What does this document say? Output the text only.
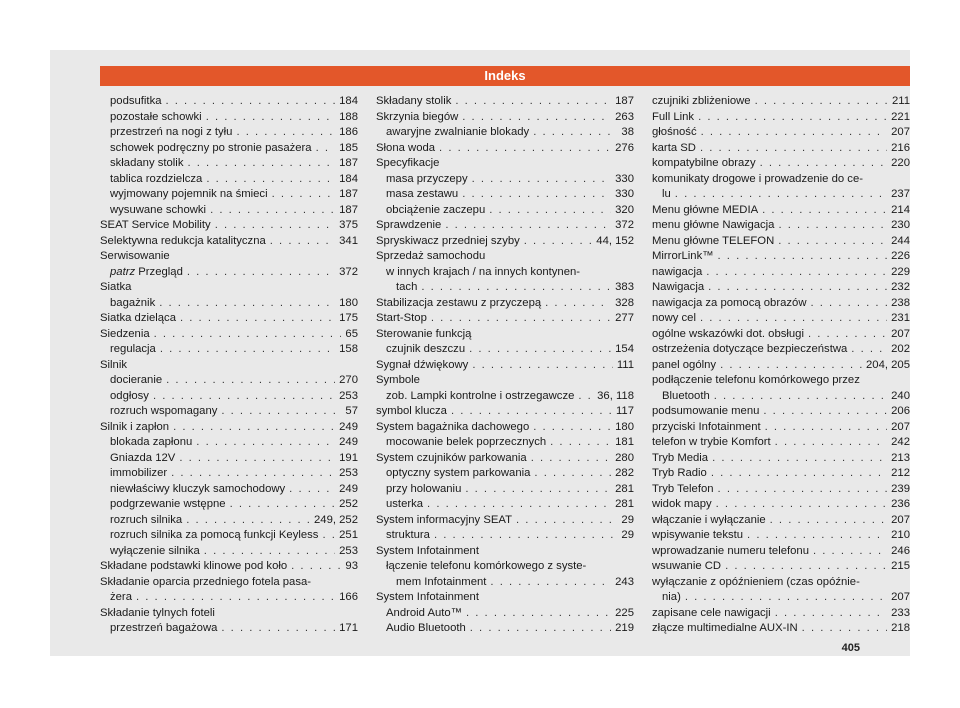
Indeks
podsufitka . . .	184
pozostałe schowki . . .	188
przestrzeń na nogi z tyłu . . .	186
schowek podręczny po stronie pasażera . . . 185
składany stolik . . .	187
tablica rozdzielcza . . .	184
wyjmowany pojemnik na śmieci . . .	187
wysuwane schowki . . .	187
SEAT Service Mobility . . .	375
Selektywna redukcja katalityczna . . .	341
Serwisowanie
patrz Przegląd . . .	372
Siatka
bagażnik . . .	180
Siatka dzieląca . . .	175
Siedzenia . . .	65
regulacja . . .	158
Silnik
docieranie . . .	270
odgłosy . . .	253
rozruch wspomagany . . .	57
Silnik i zapłon . . .	249
blokada zapłonu . . .	249
Gniazda 12V . . .	191
immobilizer . . .	253
niewłaściwy kluczyk samochodowy . . .	249
podgrzewanie wstępne . . .	252
rozruch silnika . . .	249, 252
rozruch silnika za pomocą funkcji Keyless . . . 251
wyłączenie silnika . . .	253
Składane podstawki klinowe pod koło . . .	93
Składanie oparcia przedniego fotela pasa-
żera . . .	166
Składanie tylnych foteli
przestrzeń bagażowa . . .	171
Składany stolik . . .	187
Skrzynia biegów . . .	263
awaryjne zwalnianie blokady . . .	38
Słona woda . . .	276
Specyfikacje
masa przyczepy . . .	330
masa zestawu . . .	330
obciążenie zaczepu . . .	320
Sprawdzenie . . .	372
Spryskiwacz przedniej szyby . . .	44, 152
Sprzedaż samochodu
w innych krajach / na innych kontynen-
tach . . .	383
Stabilizacja zestawu z przyczepą . . .	328
Start-Stop . . .	277
Sterowanie funkcją
czujnik deszczu . . .	154
Sygnał dźwiękowy . . .	111
Symbole
zob. Lampki kontrolne i ostrzegawcze . . . 36, 118
symbol klucza . . .	117
System bagażnika dachowego . . .	180
mocowanie belek poprzecznych . . .	181
System czujników parkowania . . .	280
optyczny system parkowania . . .	282
przy holowaniu . . .	281
usterka . . .	281
System informacyjny SEAT . . .	29
struktura . . .	29
System Infotainment
łączenie telefonu komórkowego z syste-
mem Infotainment . . .	243
System Infotainment
Android Auto™ . . .	225
Audio Bluetooth . . .	219
czujniki zbliżeniowe . . .	211
Full Link . . .	221
głośność . . .	207
karta SD . . .	216
kompatybilne obrazy . . .	220
komunikaty drogowe i prowadzenie do ce-
lu . . .	237
Menu główne MEDIA . . .	214
menu główne Nawigacja . . .	230
Menu główne TELEFON . . .	244
MirrorLink™ . . .	226
nawigacja . . .	229
Nawigacja . . .	232
nawigacja za pomocą obrazów . . .	238
nowy cel . . .	231
ogólne wskazówki dot. obsługi . . .	207
ostrzeżenia dotyczące bezpieczeństwa . . .	202
panel ogólny . . .	204, 205
podłączenie telefonu komórkowego przez
Bluetooth . . .	240
podsumowanie menu . . .	206
przyciski Infotainment . . .	207
telefon w trybie Komfort . . .	242
Tryb Media . . .	213
Tryb Radio . . .	212
Tryb Telefon . . .	239
widok mapy . . .	236
włączanie i wyłączanie . . .	207
wpisywanie tekstu . . .	210
wprowadzanie numeru telefonu . . .	246
wsuwanie CD . . .	215
wyłączanie z opóźnieniem (czas opóźnie-
nia) . . .	207
zapisane cele nawigacji . . .	233
złącze multimedialne AUX-IN . . .	218
405
